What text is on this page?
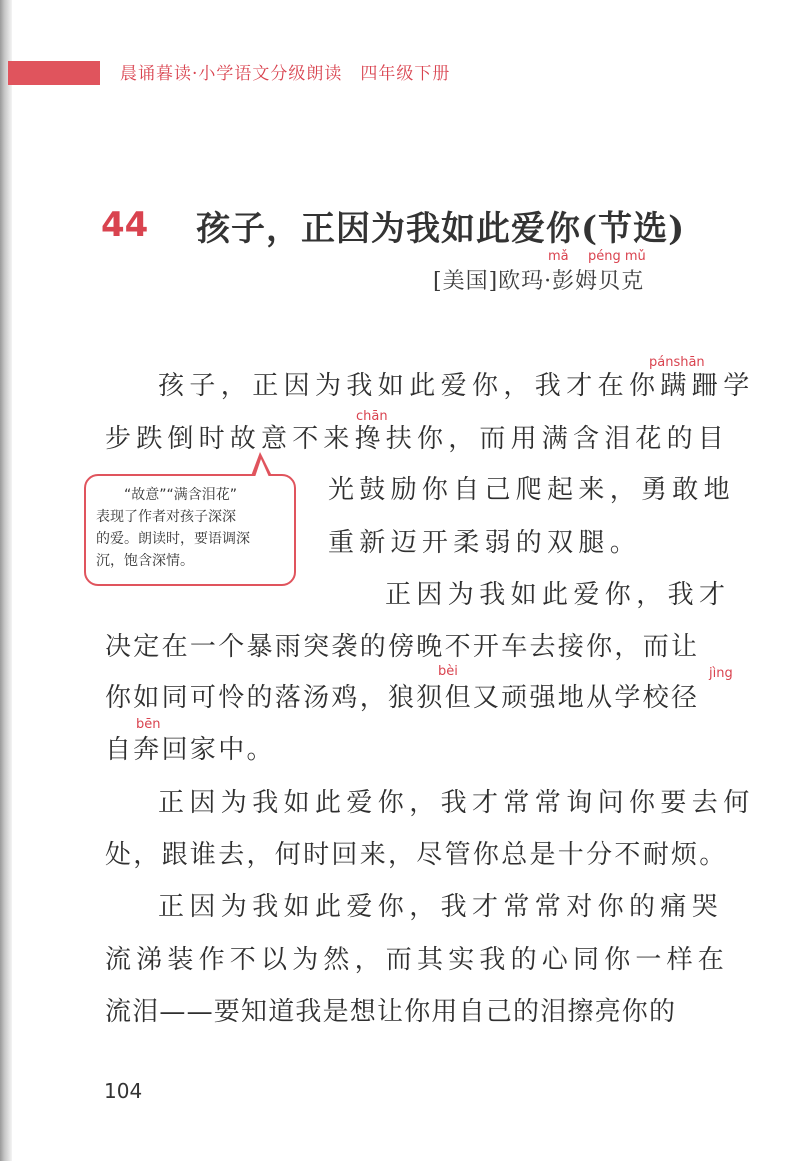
晨诵暮读·小学语文分级朗读 四年级下册
44 孩子，正因为我如此爱你(节选)
mǎ péng mǔ
[美国]欧玛·彭姆贝克
pánshān
chān
bèi	jìng
bēn
孩子，正因为我如此爱你，我才在你蹒跚学
步跌倒时故意不来搀扶你，而用满含泪花的目
光鼓励你自己爬起来，勇敢地
重新迈开柔弱的双腿。
正因为我如此爱你，我才
决定在一个暴雨突袭的傍晚不开车去接你，而让
你如同可怜的落汤鸡，狼狈但又顽强地从学校径
自奔回家中。
正因为我如此爱你，我才常常询问你要去何
处，跟谁去，何时回来，尽管你总是十分不耐烦。
正因为我如此爱你，我才常常对你的痛哭
流涕装作不以为然，而其实我的心同你一样在
流泪——要知道我是想让你用自己的泪擦亮你的
“故意”“满含泪花”
表现了作者对孩子深深
的爱。朗读时，要语调深
沉，饱含深情。
104
